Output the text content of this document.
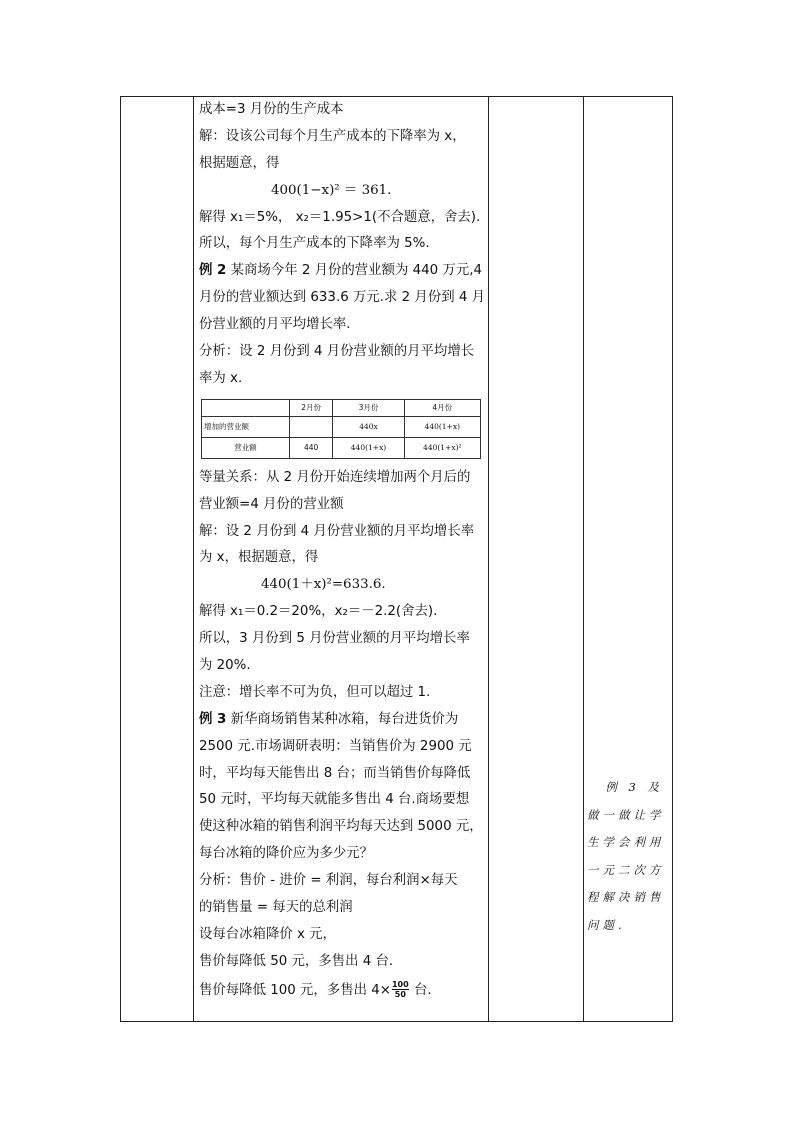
成本=3 月份的生产成本
解：设该公司每个月生产成本的下降率为 x，
根据题意，得
400(1−x)² ＝ 361.
解得 x₁＝5%， x₂＝1.95>1(不合题意，舍去).
所以，每个月生产成本的下降率为 5%.
例 2 某商场今年 2 月份的营业额为 440 万元,4
月份的营业额达到 633.6 万元.求 2 月份到 4 月
份营业额的月平均增长率.
分析：设 2 月份到 4 月份营业额的月平均增长
率为 x.
	2月份	3月份	4月份
增加的营业额		440x	440(1+x)
营业额	440	440(1+x)	440(1+x)²
等量关系：从 2 月份开始连续增加两个月后的
营业额=4 月份的营业额
解：设 2 月份到 4 月份营业额的月平均增长率
为 x，根据题意，得
440(1＋x)²=633.6.
解得 x₁＝0.2＝20%，x₂＝－2.2(舍去).
所以，3 月份到 5 月份营业额的月平均增长率
为 20%.
注意：增长率不可为负，但可以超过 1.
例 3 新华商场销售某种冰箱，每台进货价为
2500 元.市场调研表明：当销售价为 2900 元
时，平均每天能售出 8 台；而当销售价每降低
50 元时，平均每天就能多售出 4 台.商场要想
使这种冰箱的销售利润平均每天达到 5000 元，
每台冰箱的降价应为多少元？
分析：售价 - 进价 = 利润，每台利润×每天
的销售量 = 每天的总利润
设每台冰箱降价 x 元，
售价每降低 50 元，多售出 4 台.
售价每降低 100 元，多售出 $4\times \frac{100}{50}$ 台.
例 3 及
做一做让学
生学会利用
一元二次方
程解决销售
问题.
